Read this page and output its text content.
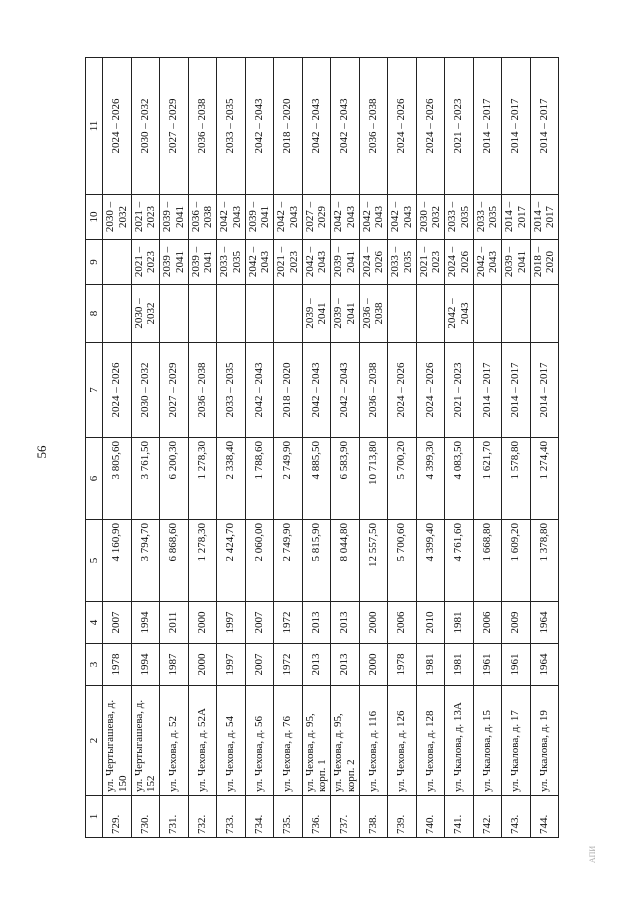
56
АПИ
1	2	3	4	5	6	7	8	9	10	11
729.	ул. Чертыгашева, д. 150	1978	2007	4 160,90	3 805,60	2024 – 2026			2030 – 2032	2024 – 2026
730.	ул. Чертыгашева, д. 152	1994	1994	3 794,70	3 761,50	2030 – 2032	2030 – 2032	2021 – 2023	2021 – 2023	2030 – 2032
731.	ул. Чехова, д. 52	1987	2011	6 868,60	6 200,30	2027 – 2029		2039 – 2041	2039 – 2041	2027 – 2029
732.	ул. Чехова, д. 52А	2000	2000	1 278,30	1 278,30	2036 – 2038		2039 – 2041	2036 – 2038	2036 – 2038
733.	ул. Чехова, д. 54	1997	1997	2 424,70	2 338,40	2033 – 2035		2033 – 2035	2042 – 2043	2033 – 2035
734.	ул. Чехова, д. 56	2007	2007	2 060,00	1 788,60	2042 – 2043		2042 – 2043	2039 – 2041	2042 – 2043
735.	ул. Чехова, д. 76	1972	1972	2 749,90	2 749,90	2018 – 2020		2021 – 2023	2042 – 2043	2018 – 2020
736.	ул. Чехова, д. 95, корп. 1	2013	2013	5 815,90	4 885,50	2042 – 2043	2039 – 2041	2042 – 2043	2027 – 2029	2042 – 2043
737.	ул. Чехова, д. 95, корп. 2	2013	2013	8 044,80	6 583,90	2042 – 2043	2039 – 2041	2039 – 2041	2042 – 2043	2042 – 2043
738.	ул. Чехова, д. 116	2000	2000	12 557,50	10 713,80	2036 – 2038	2036 – 2038	2024 – 2026	2042 – 2043	2036 – 2038
739.	ул. Чехова, д. 126	1978	2006	5 700,60	5 700,20	2024 – 2026		2033 – 2035	2042 – 2043	2024 – 2026
740.	ул. Чехова, д. 128	1981	2010	4 399,40	4 399,30	2024 – 2026		2021 – 2023	2030 – 2032	2024 – 2026
741.	ул. Чкалова, д. 13А	1981	1981	4 761,60	4 083,50	2021 – 2023	2042 – 2043	2024 – 2026	2033 – 2035	2021 – 2023
742.	ул. Чкалова, д. 15	1961	2006	1 668,80	1 621,70	2014 – 2017		2042 – 2043	2033 – 2035	2014 – 2017
743.	ул. Чкалова, д. 17	1961	2009	1 609,20	1 578,80	2014 – 2017		2039 – 2041	2014 – 2017	2014 – 2017
744.	ул. Чкалова, д. 19	1964	1964	1 378,80	1 274,40	2014 – 2017		2018 – 2020	2014 – 2017	2014 – 2017
